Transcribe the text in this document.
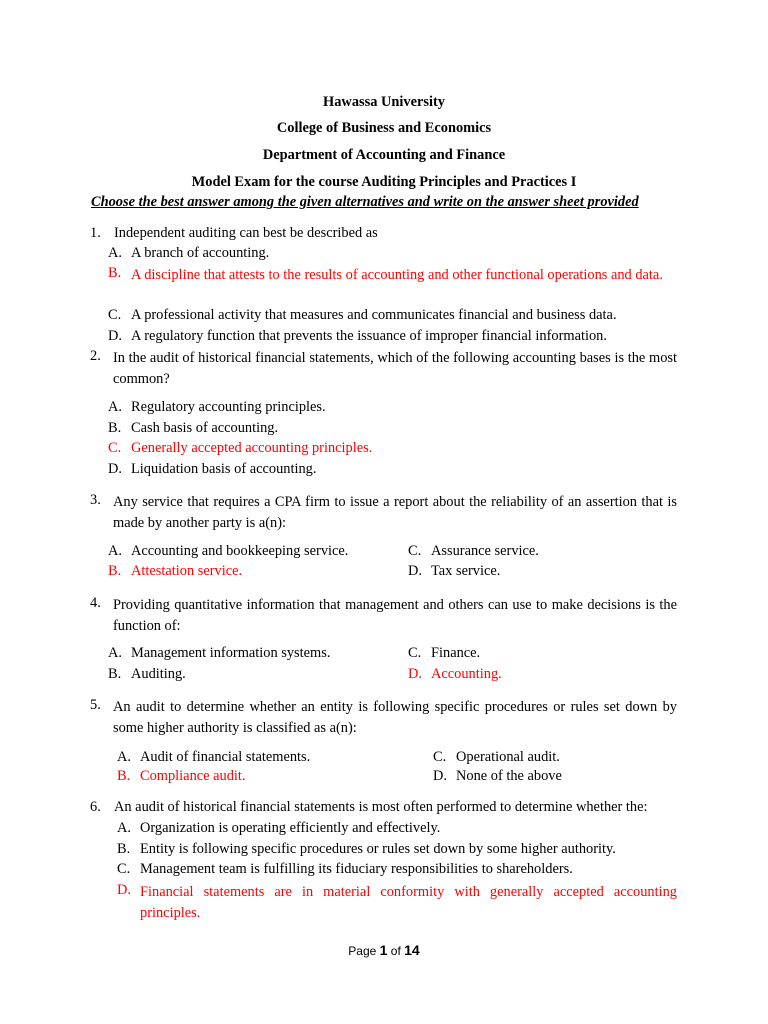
Hawassa University
College of Business and Economics
Department of Accounting and Finance
Model Exam for the course Auditing Principles and Practices I
Choose the best answer among the given alternatives and write on the answer sheet provided
1. Independent auditing can best be described as
A. A branch of accounting.
B. A discipline that attests to the results of accounting and other functional operations and data.
C. A professional activity that measures and communicates financial and business data.
D. A regulatory function that prevents the issuance of improper financial information.
2. In the audit of historical financial statements, which of the following accounting bases is the most common?
A. Regulatory accounting principles.
B. Cash basis of accounting.
C. Generally accepted accounting principles.
D. Liquidation basis of accounting.
3. Any service that requires a CPA firm to issue a report about the reliability of an assertion that is made by another party is a(n):
A. Accounting and bookkeeping service.
B. Attestation service.
C. Assurance service.
D. Tax service.
4. Providing quantitative information that management and others can use to make decisions is the function of:
A. Management information systems.
B. Auditing.
C. Finance.
D. Accounting.
5. An audit to determine whether an entity is following specific procedures or rules set down by some higher authority is classified as a(n):
A. Audit of financial statements.
B. Compliance audit.
C. Operational audit.
D. None of the above
6. An audit of historical financial statements is most often performed to determine whether the:
A. Organization is operating efficiently and effectively.
B. Entity is following specific procedures or rules set down by some higher authority.
C. Management team is fulfilling its fiduciary responsibilities to shareholders.
D. Financial statements are in material conformity with generally accepted accounting principles.
Page 1 of 14
